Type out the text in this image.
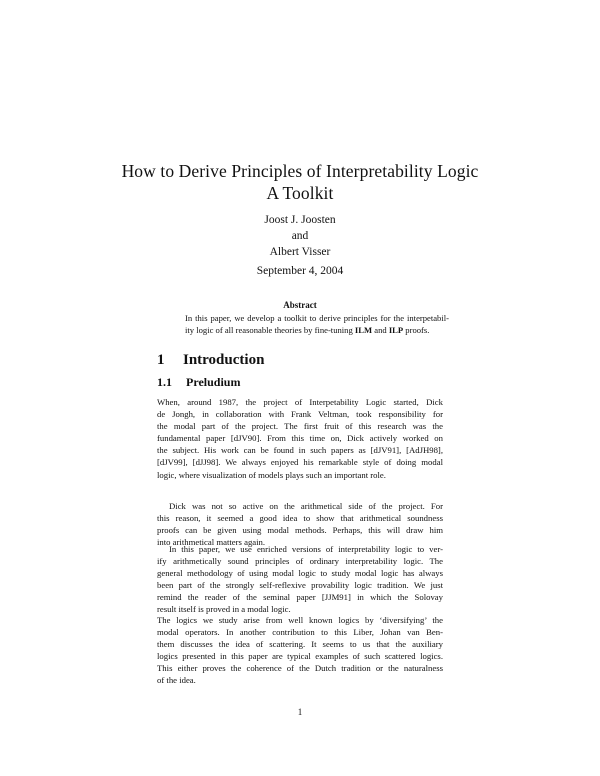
How to Derive Principles of Interpretability Logic
A Toolkit
Joost J. Joosten
and
Albert Visser
September 4, 2004
Abstract
In this paper, we develop a toolkit to derive principles for the interpetabil-
ity logic of all reasonable theories by fine-tuning ILM and ILP proofs.
1 Introduction
1.1 Preludium
When, around 1987, the project of Interpetability Logic started, Dick
de Jongh, in collaboration with Frank Veltman, took responsibility for
the modal part of the project. The first fruit of this research was the
fundamental paper [dJV90]. From this time on, Dick actively worked on
the subject. His work can be found in such papers as [dJV91], [AdJH98],
[dJV99], [dJJ98]. We always enjoyed his remarkable style of doing modal
logic, where visualization of models plays such an important role.
Dick was not so active on the arithmetical side of the project. For
this reason, it seemed a good idea to show that arithmetical soundness
proofs can be given using modal methods. Perhaps, this will draw him
into arithmetical matters again.
In this paper, we use enriched versions of interpretability logic to ver-
ify arithmetically sound principles of ordinary interpretability logic. The
general methodology of using modal logic to study modal logic has always
been part of the strongly self-reflexive provability logic tradition. We just
remind the reader of the seminal paper [JJM91] in which the Solovay
result itself is proved in a modal logic.
The logics we study arise from well known logics by ‘diversifying’ the
modal operators. In another contribution to this Liber, Johan van Ben-
them discusses the idea of scattering. It seems to us that the auxiliary
logics presented in this paper are typical examples of such scattered logics.
This either proves the coherence of the Dutch tradition or the naturalness
of the idea.
1
